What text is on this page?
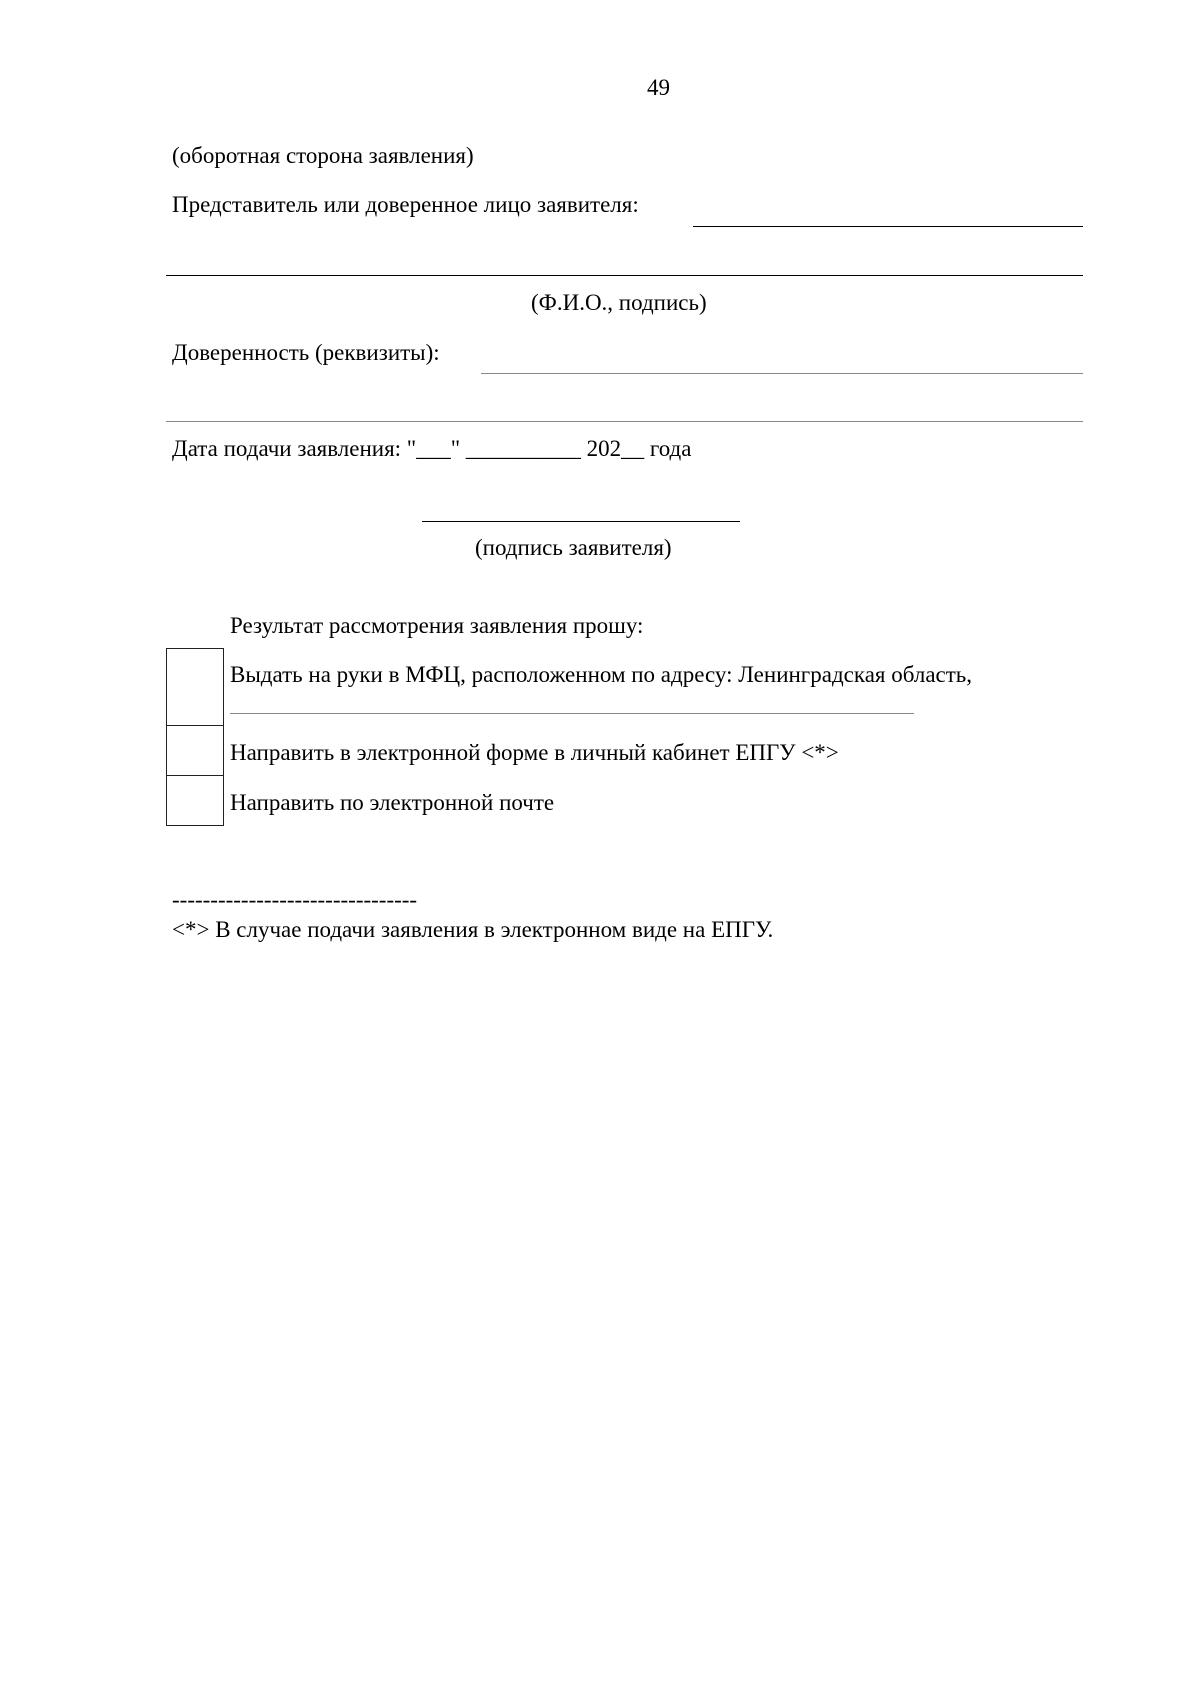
49
(оборотная сторона заявления)
Представитель или доверенное лицо заявителя:
(Ф.И.О., подпись)
Доверенность (реквизиты):
Дата подачи заявления: "___" __________ 202__ года
(подпись заявителя)
Результат рассмотрения заявления прошу:
Выдать на руки в МФЦ, расположенном по адресу: Ленинградская область,
Направить в электронной форме в личный кабинет ЕПГУ <*>
Направить по электронной почте
--------------------------------
<*> В случае подачи заявления в электронном виде на ЕПГУ.
